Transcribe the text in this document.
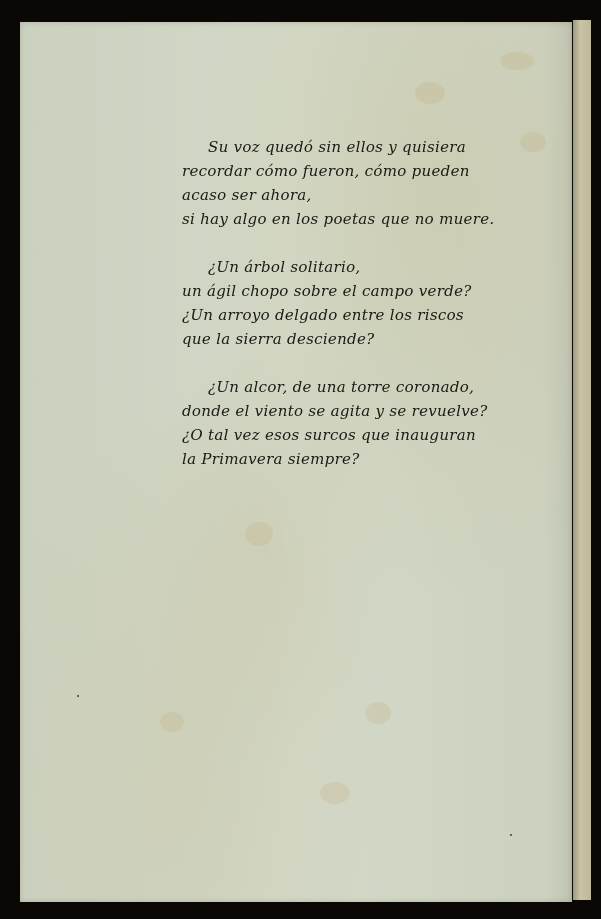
Su voz quedó sin ellos y quisiera
recordar cómo fueron, cómo pueden
acaso ser ahora,
si hay algo en los poetas que no muere.
¿Un árbol solitario,
un ágil chopo sobre el campo verde?
¿Un arroyo delgado entre los riscos
que la sierra desciende?
¿Un alcor, de una torre coronado,
donde el viento se agita y se revuelve?
¿O tal vez esos surcos que inauguran
la Primavera siempre?
